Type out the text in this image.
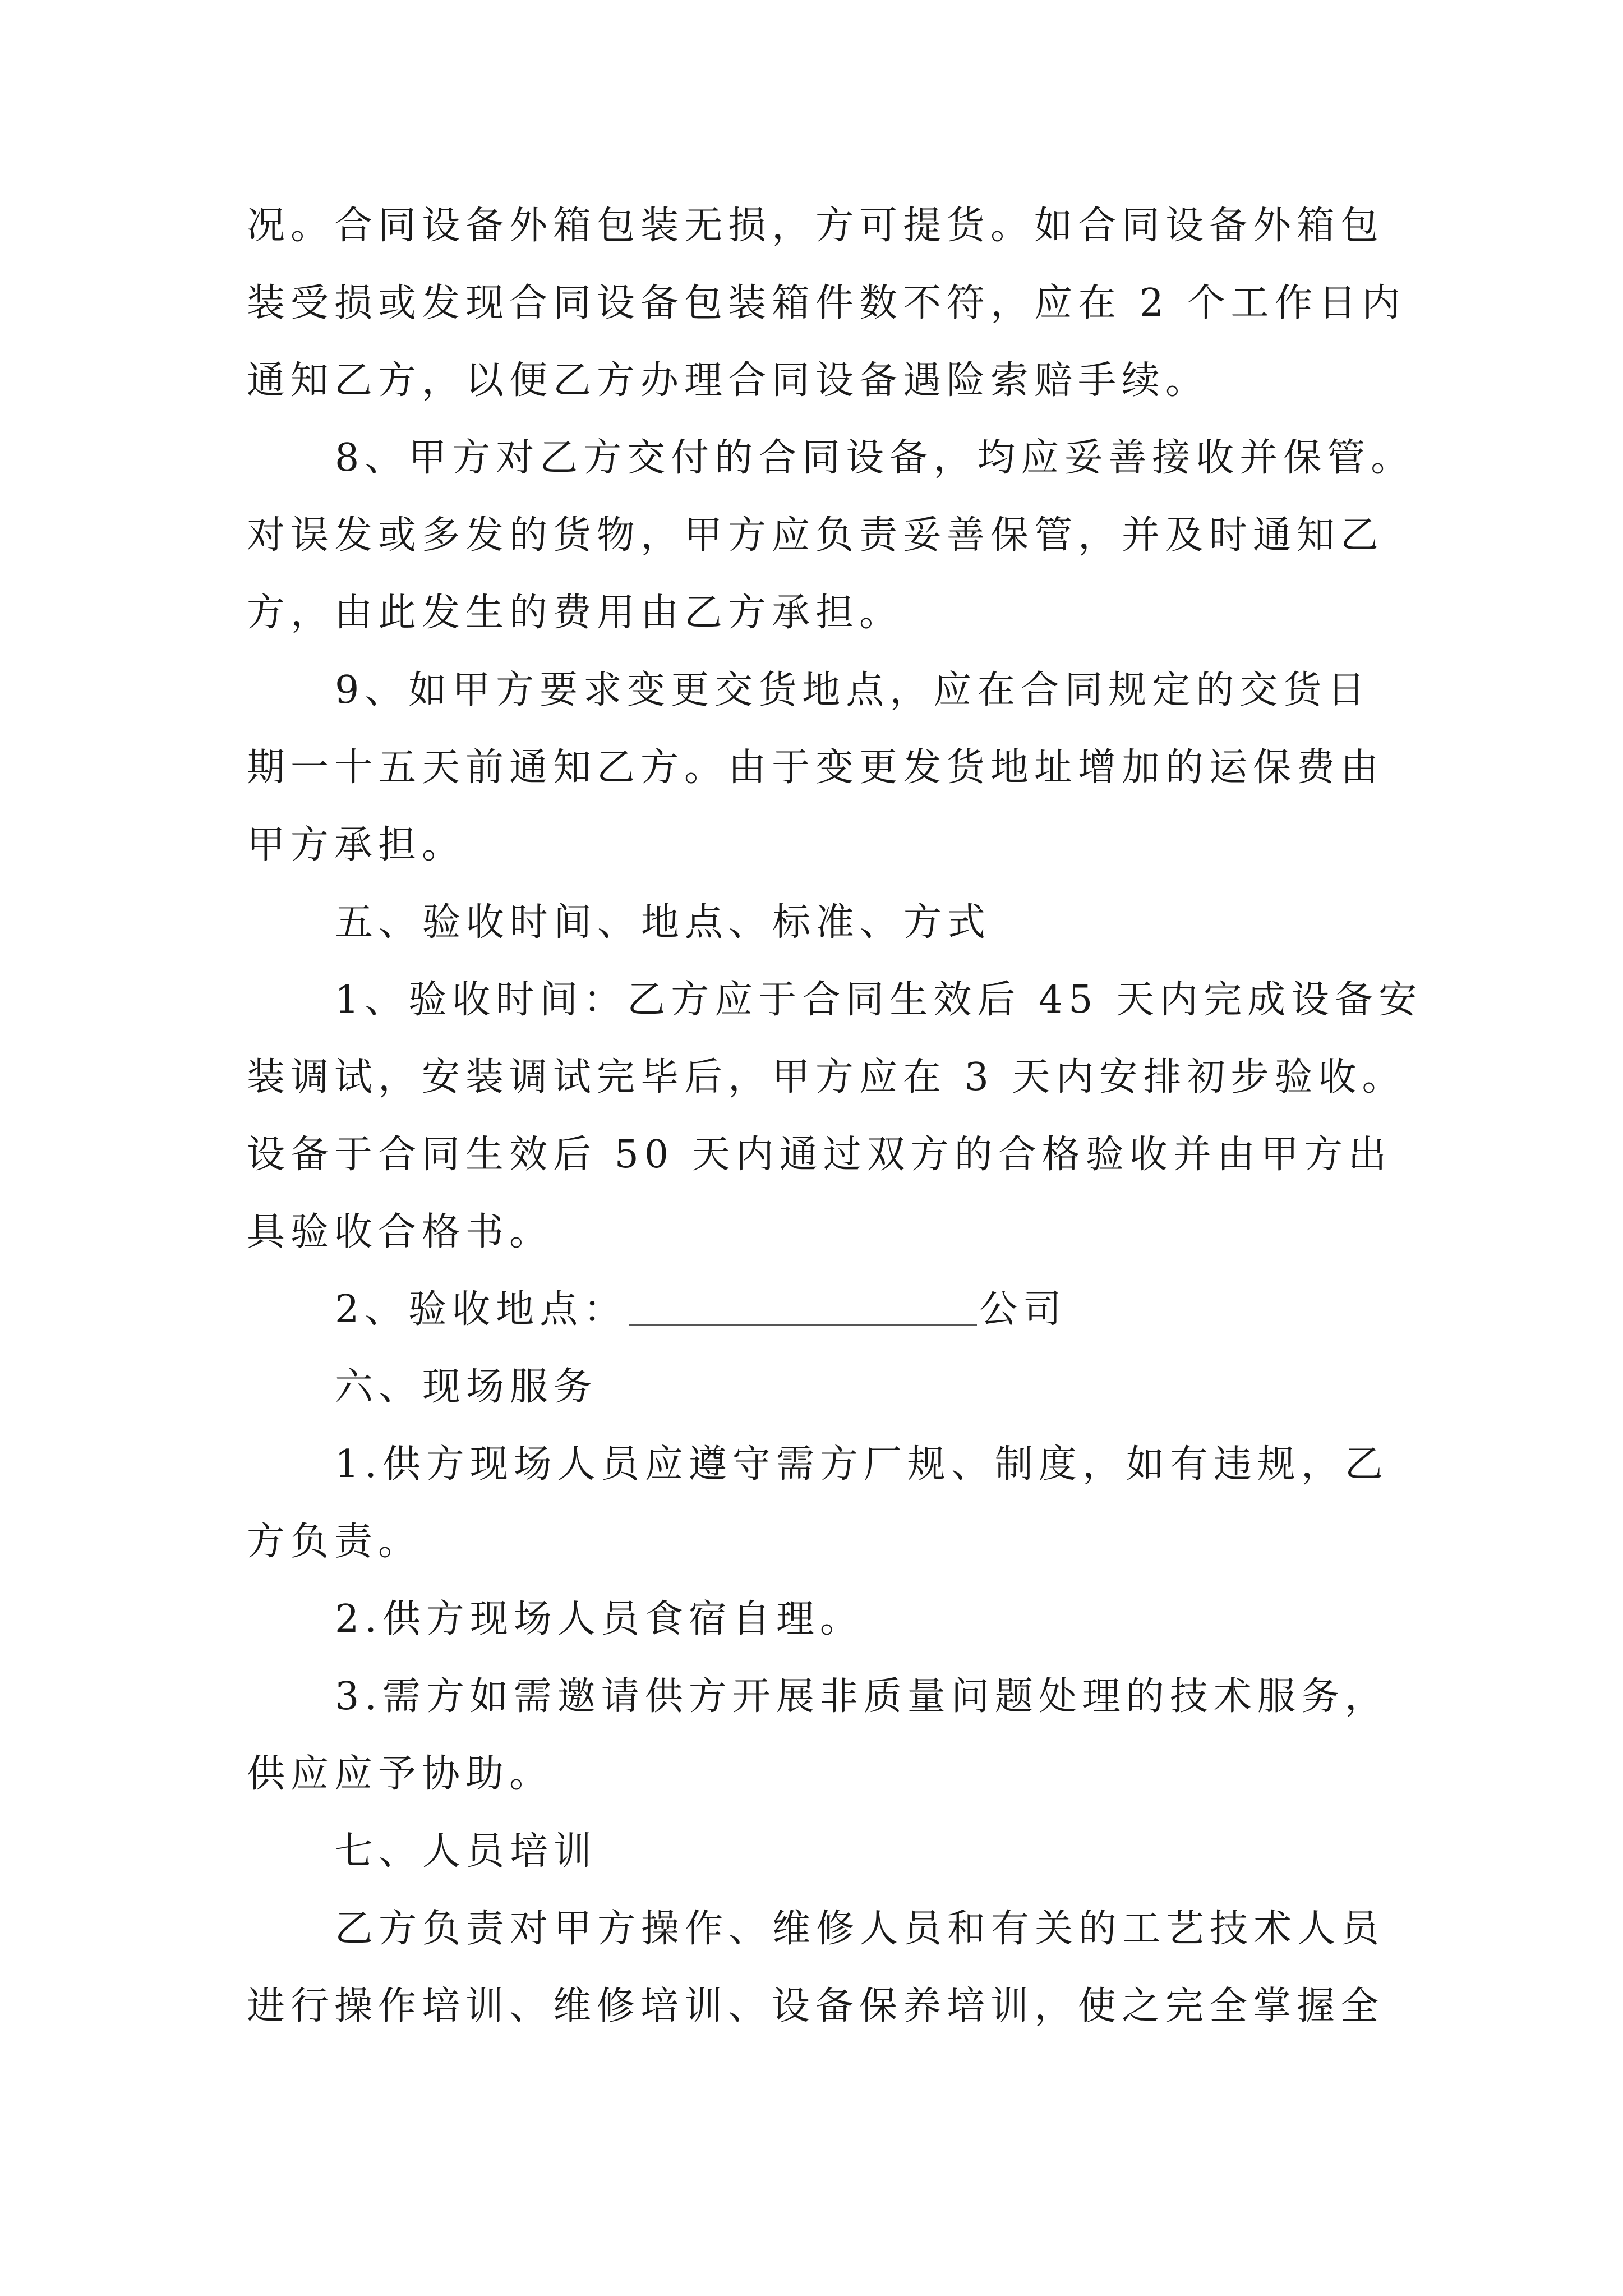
况。合同设备外箱包装无损，方可提货。如合同设备外箱包
装受损或发现合同设备包装箱件数不符，应在 2 个工作日内
通知乙方，以便乙方办理合同设备遇险索赔手续。
8、甲方对乙方交付的合同设备，均应妥善接收并保管。
对误发或多发的货物，甲方应负责妥善保管，并及时通知乙
方，由此发生的费用由乙方承担。
9、如甲方要求变更交货地点，应在合同规定的交货日
期一十五天前通知乙方。由于变更发货地址增加的运保费由
甲方承担。
五、验收时间、地点、标准、方式
1、验收时间：乙方应于合同生效后 45 天内完成设备安
装调试，安装调试完毕后，甲方应在 3 天内安排初步验收。
设备于合同生效后 50 天内通过双方的合格验收并由甲方出
具验收合格书。
2、验收地点：	公司
六、现场服务
1.供方现场人员应遵守需方厂规、制度，如有违规，乙
方负责。
2.供方现场人员食宿自理。
3.需方如需邀请供方开展非质量问题处理的技术服务，
供应应予协助。
七、人员培训
乙方负责对甲方操作、维修人员和有关的工艺技术人员
进行操作培训、维修培训、设备保养培训，使之完全掌握全
